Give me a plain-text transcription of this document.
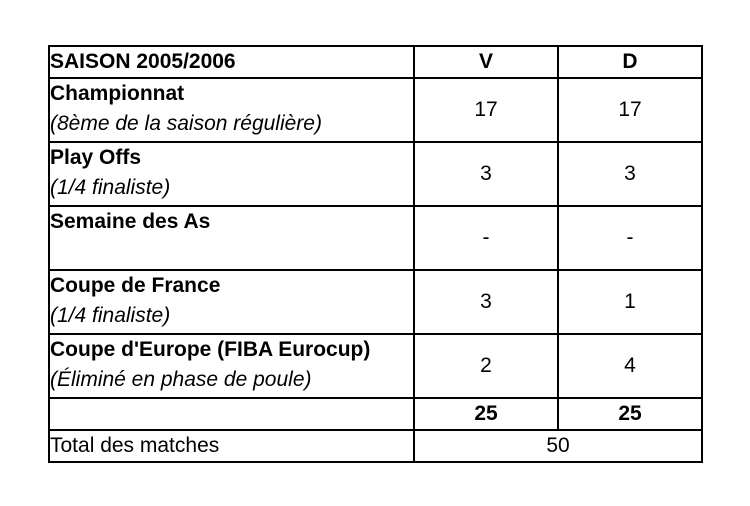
SAISON 2005/2006	V	D

Championnat
(8ème de la saison régulière)	17	17

Play Offs
(1/4 finaliste)	3	3

Semaine des As	-	-

Coupe de France
(1/4 finaliste)	3	1

Coupe d'Europe (FIBA Eurocup)
(Éliminé en phase de poule)	2	4
	25	25
Total des matches	50	
